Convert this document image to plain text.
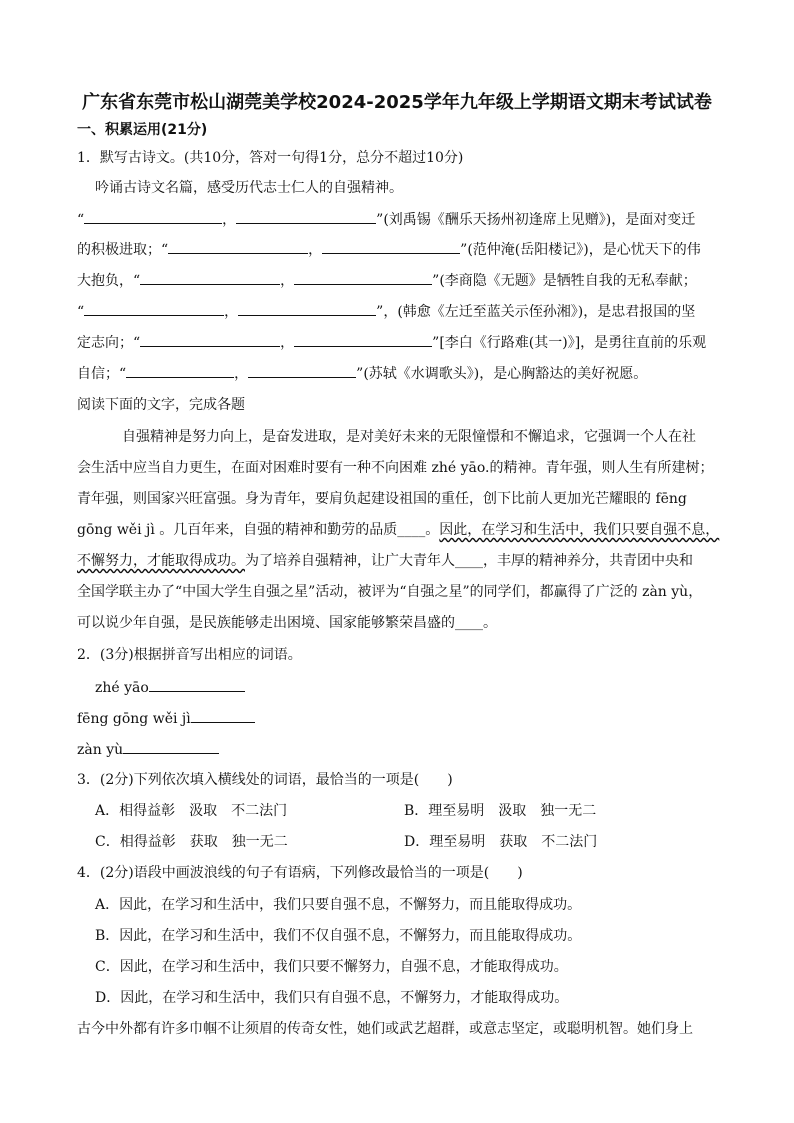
广东省东莞市松山湖莞美学校2024-2025学年九年级上学期语文期末考试试卷
一、积累运用(21分)
1．默写古诗文。(共10分，答对一句得1分，总分不超过10分)
吟诵古诗文名篇，感受历代志士仁人的自强精神。
“	，	”(刘禹锡《酬乐天扬州初逢席上见赠》)，是面对变迁
的积极进取；“	，	”(范仲淹(岳阳楼记》)，是心忧天下的伟
大抱负，“	，	”(李商隐《无题》是牺牲自我的无私奉献；
“	，	”，(韩愈《左迁至蓝关示侄孙湘》)，是忠君报国的坚
定志向；“	，	”[李白《行路难(其一)》]，是勇往直前的乐观
自信；“	，	”(苏轼《水调歌头》)，是心胸豁达的美好祝愿。
阅读下面的文字，完成各题
自强精神是努力向上，是奋发进取，是对美好未来的无限憧憬和不懈追求，它强调一个人在社
会生活中应当自力更生，在面对困难时要有一种不向困难 zhé yāo.的精神。青年强，则人生有所建树；
青年强，则国家兴旺富强。身为青年，要肩负起建设祖国的重任，创下比前人更加光芒耀眼的 fēng
gōng wěi jì 。几百年来，自强的精神和勤劳的品质____。因此，在学习和生活中，我们只要自强不息，
不懈努力，才能取得成功。为了培养自强精神，让广大青年人____，丰厚的精神养分，共青团中央和
全国学联主办了“中国大学生自强之星”活动，被评为“自强之星”的同学们，都赢得了广泛的 zàn yù，
可以说少年自强，是民族能够走出困境、国家能够繁荣昌盛的____。
2．(3分)根据拼音写出相应的词语。
zhé yāo
fēng gōng wěi jì
zàn yù
3．(2分)下列依次填入横线处的词语，最恰当的一项是(　　)
A．相得益彰　汲取　不二法门	B．理至易明　汲取　独一无二
C．相得益彰　获取　独一无二	D．理至易明　获取　不二法门
4．(2分)语段中画波浪线的句子有语病，下列修改最恰当的一项是(　　)
A．因此，在学习和生活中，我们只要自强不息，不懈努力，而且能取得成功。
B．因此，在学习和生活中，我们不仅自强不息，不懈努力，而且能取得成功。
C．因此，在学习和生活中，我们只要不懈努力，自强不息，才能取得成功。
D．因此，在学习和生活中，我们只有自强不息，不懈努力，才能取得成功。
古今中外都有许多巾帼不让须眉的传奇女性，她们或武艺超群，或意志坚定，或聪明机智。她们身上
